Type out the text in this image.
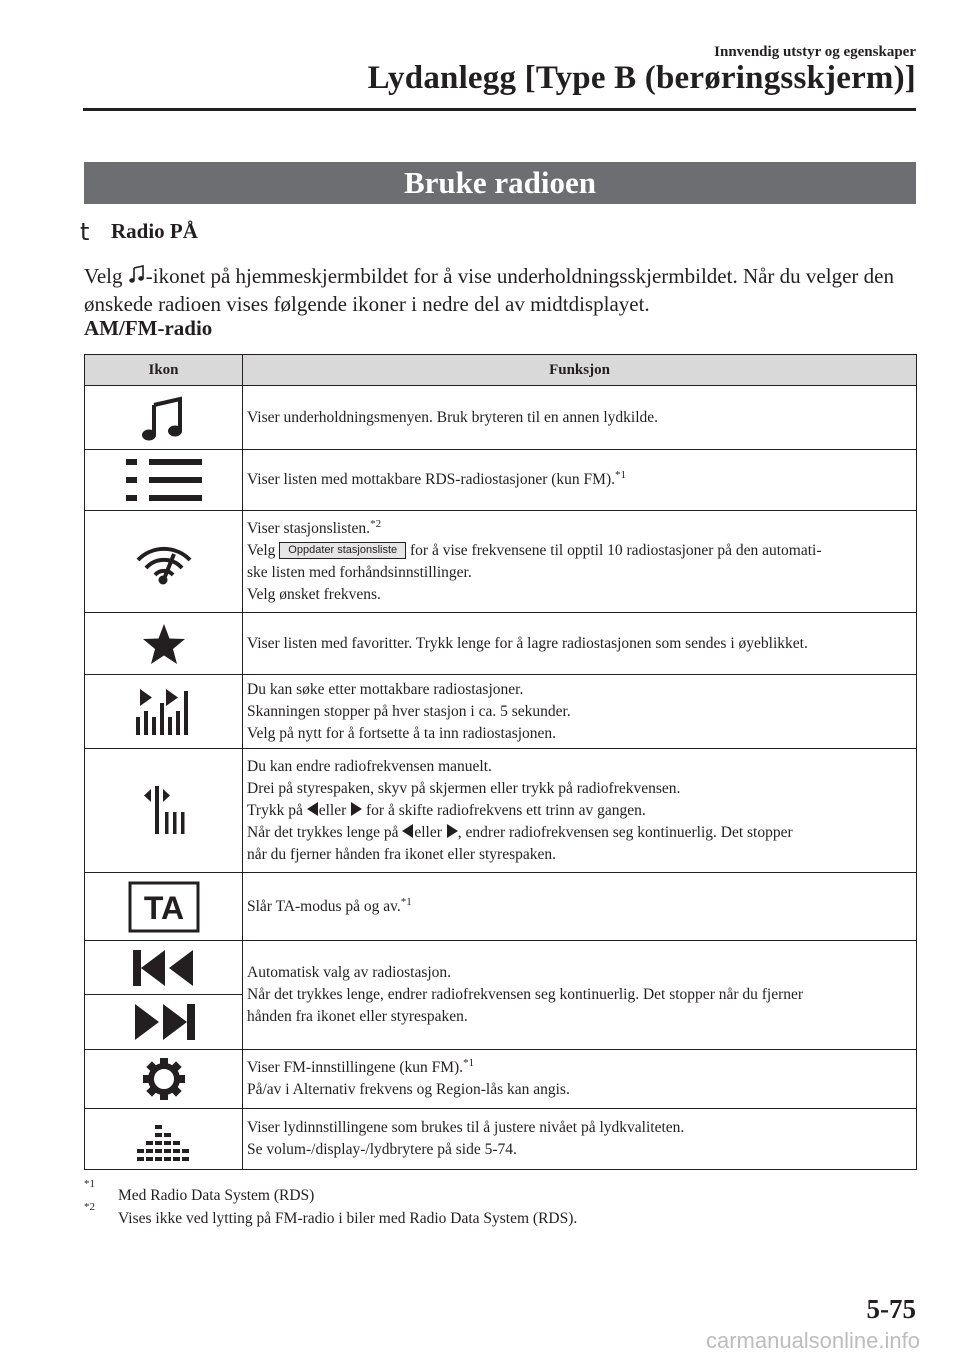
Innvendig utstyr og egenskaper
Lydanlegg [Type B (berøringsskjerm)]
Bruke radioen
t Radio PÅ
Velg -ikonet på hjemmeskjermbildet for å vise underholdningsskjermbildet. Når du velger den ønskede radioen vises følgende ikoner i nedre del av midtdisplayet.
AM/FM-radio
Ikon	Funksjon

Viser underholdningsmenyen. Bruk bryteren til en annen lydkilde.

Viser listen med mottakbare RDS-radiostasjoner (kun FM).$^{*1}$

Viser stasjonslisten.$^{*2}$
Velg Oppdater stasjonsliste for å vise frekvensene til opptil 10 radiostasjoner på den automati-
ske listen med forhåndsinnstillinger.
Velg ønsket frekvens.

Viser listen med favoritter. Trykk lenge for å lagre radiostasjonen som sendes i øyeblikket.

Du kan søke etter mottakbare radiostasjoner.
Skanningen stopper på hver stasjon i ca. 5 sekunder.
Velg på nytt for å fortsette å ta inn radiostasjonen.

Du kan endre radiofrekvensen manuelt.
Drei på styrespaken, skyv på skjermen eller trykk på radiofrekvensen.
Trykk på eller  for å skifte radiofrekvens ett trinn av gangen.
Når det trykkes lenge på eller , endrer radiofrekvensen seg kontinuerlig. Det stopper
når du fjerner hånden fra ikonet eller styrespaken.

TA	Slår TA-modus på og av.$^{*1}$

Automatisk valg av radiostasjon.
Når det trykkes lenge, endrer radiofrekvensen seg kontinuerlig. Det stopper når du fjerner
hånden fra ikonet eller styrespaken.

Viser FM-innstillingene (kun FM).$^{*1}$
På/av i Alternativ frekvens og Region-lås kan angis.

Viser lydinnstillingene som brukes til å justere nivået på lydkvaliteten.
Se volum-/display-/lydbrytere på side 5-74.
*1
Med Radio Data System (RDS)
*2
Vises ikke ved lytting på FM-radio i biler med Radio Data System (RDS).
5-75
carmanualsonline.info
